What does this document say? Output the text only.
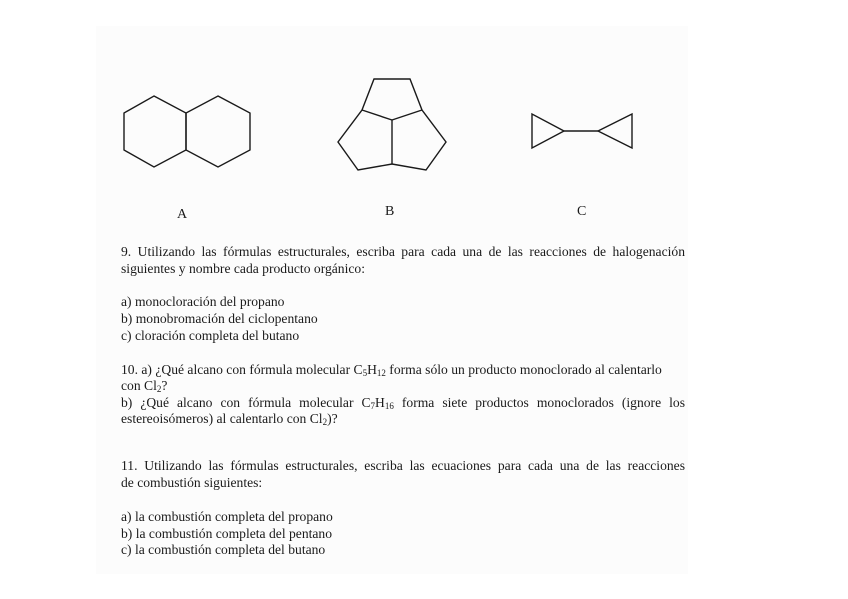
A	B	C
9. Utilizando las fórmulas estructurales, escriba para cada una de las reacciones de halogenación
siguientes y nombre cada producto orgánico:
a) monocloración del propano
b) monobromación del ciclopentano
c) cloración completa del butano
10. a) ¿Qué alcano con fórmula molecular $C_5H_{12}$ forma sólo un producto monoclorado al calentarlo
con $Cl_2$?
b) ¿Qué alcano con fórmula molecular $C_7H_{16}$ forma siete productos monoclorados (ignore los
estereoisómeros) al calentarlo con $Cl_2$)?
11. Utilizando las fórmulas estructurales, escriba las ecuaciones para cada una de las reacciones
de combustión siguientes:
a) la combustión completa del propano
b) la combustión completa del pentano
c) la combustión completa del butano
